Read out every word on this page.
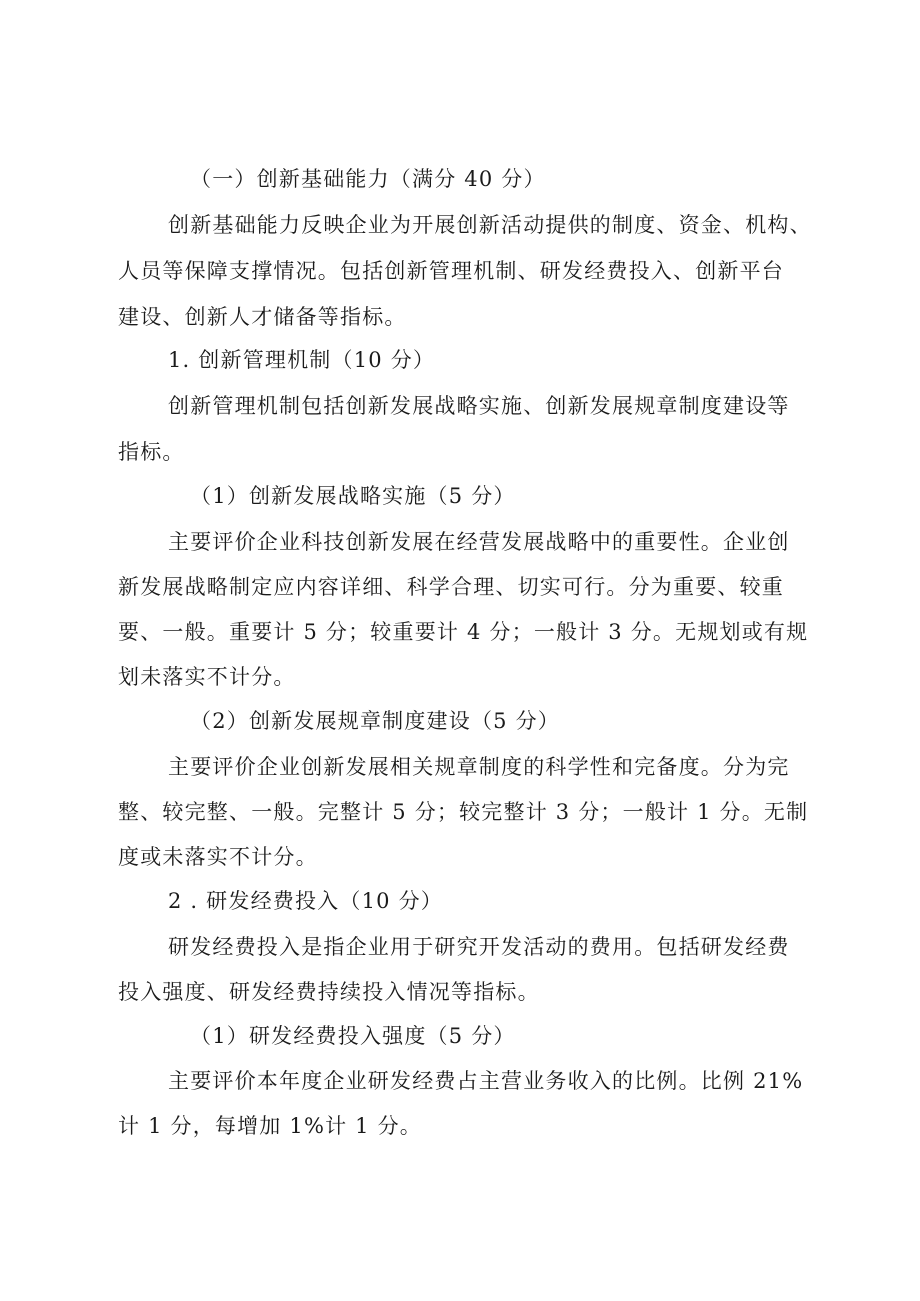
（一）创新基础能力（满分 40 分）
创新基础能力反映企业为开展创新活动提供的制度、资金、机构、
人员等保障支撑情况。包括创新管理机制、研发经费投入、创新平台
建设、创新人才储备等指标。
1. 创新管理机制（10 分）
创新管理机制包括创新发展战略实施、创新发展规章制度建设等
指标。
（1）创新发展战略实施（5 分）
主要评价企业科技创新发展在经营发展战略中的重要性。企业创
新发展战略制定应内容详细、科学合理、切实可行。分为重要、较重
要、一般。重要计 5 分；较重要计 4 分；一般计 3 分。无规划或有规
划未落实不计分。
（2）创新发展规章制度建设（5 分）
主要评价企业创新发展相关规章制度的科学性和完备度。分为完
整、较完整、一般。完整计 5 分；较完整计 3 分；一般计 1 分。无制
度或未落实不计分。
2 . 研发经费投入（10 分）
研发经费投入是指企业用于研究开发活动的费用。包括研发经费
投入强度、研发经费持续投入情况等指标。
（1）研发经费投入强度（5 分）
主要评价本年度企业研发经费占主营业务收入的比例。比例 21%
计 1 分，每增加 1%计 1 分。
